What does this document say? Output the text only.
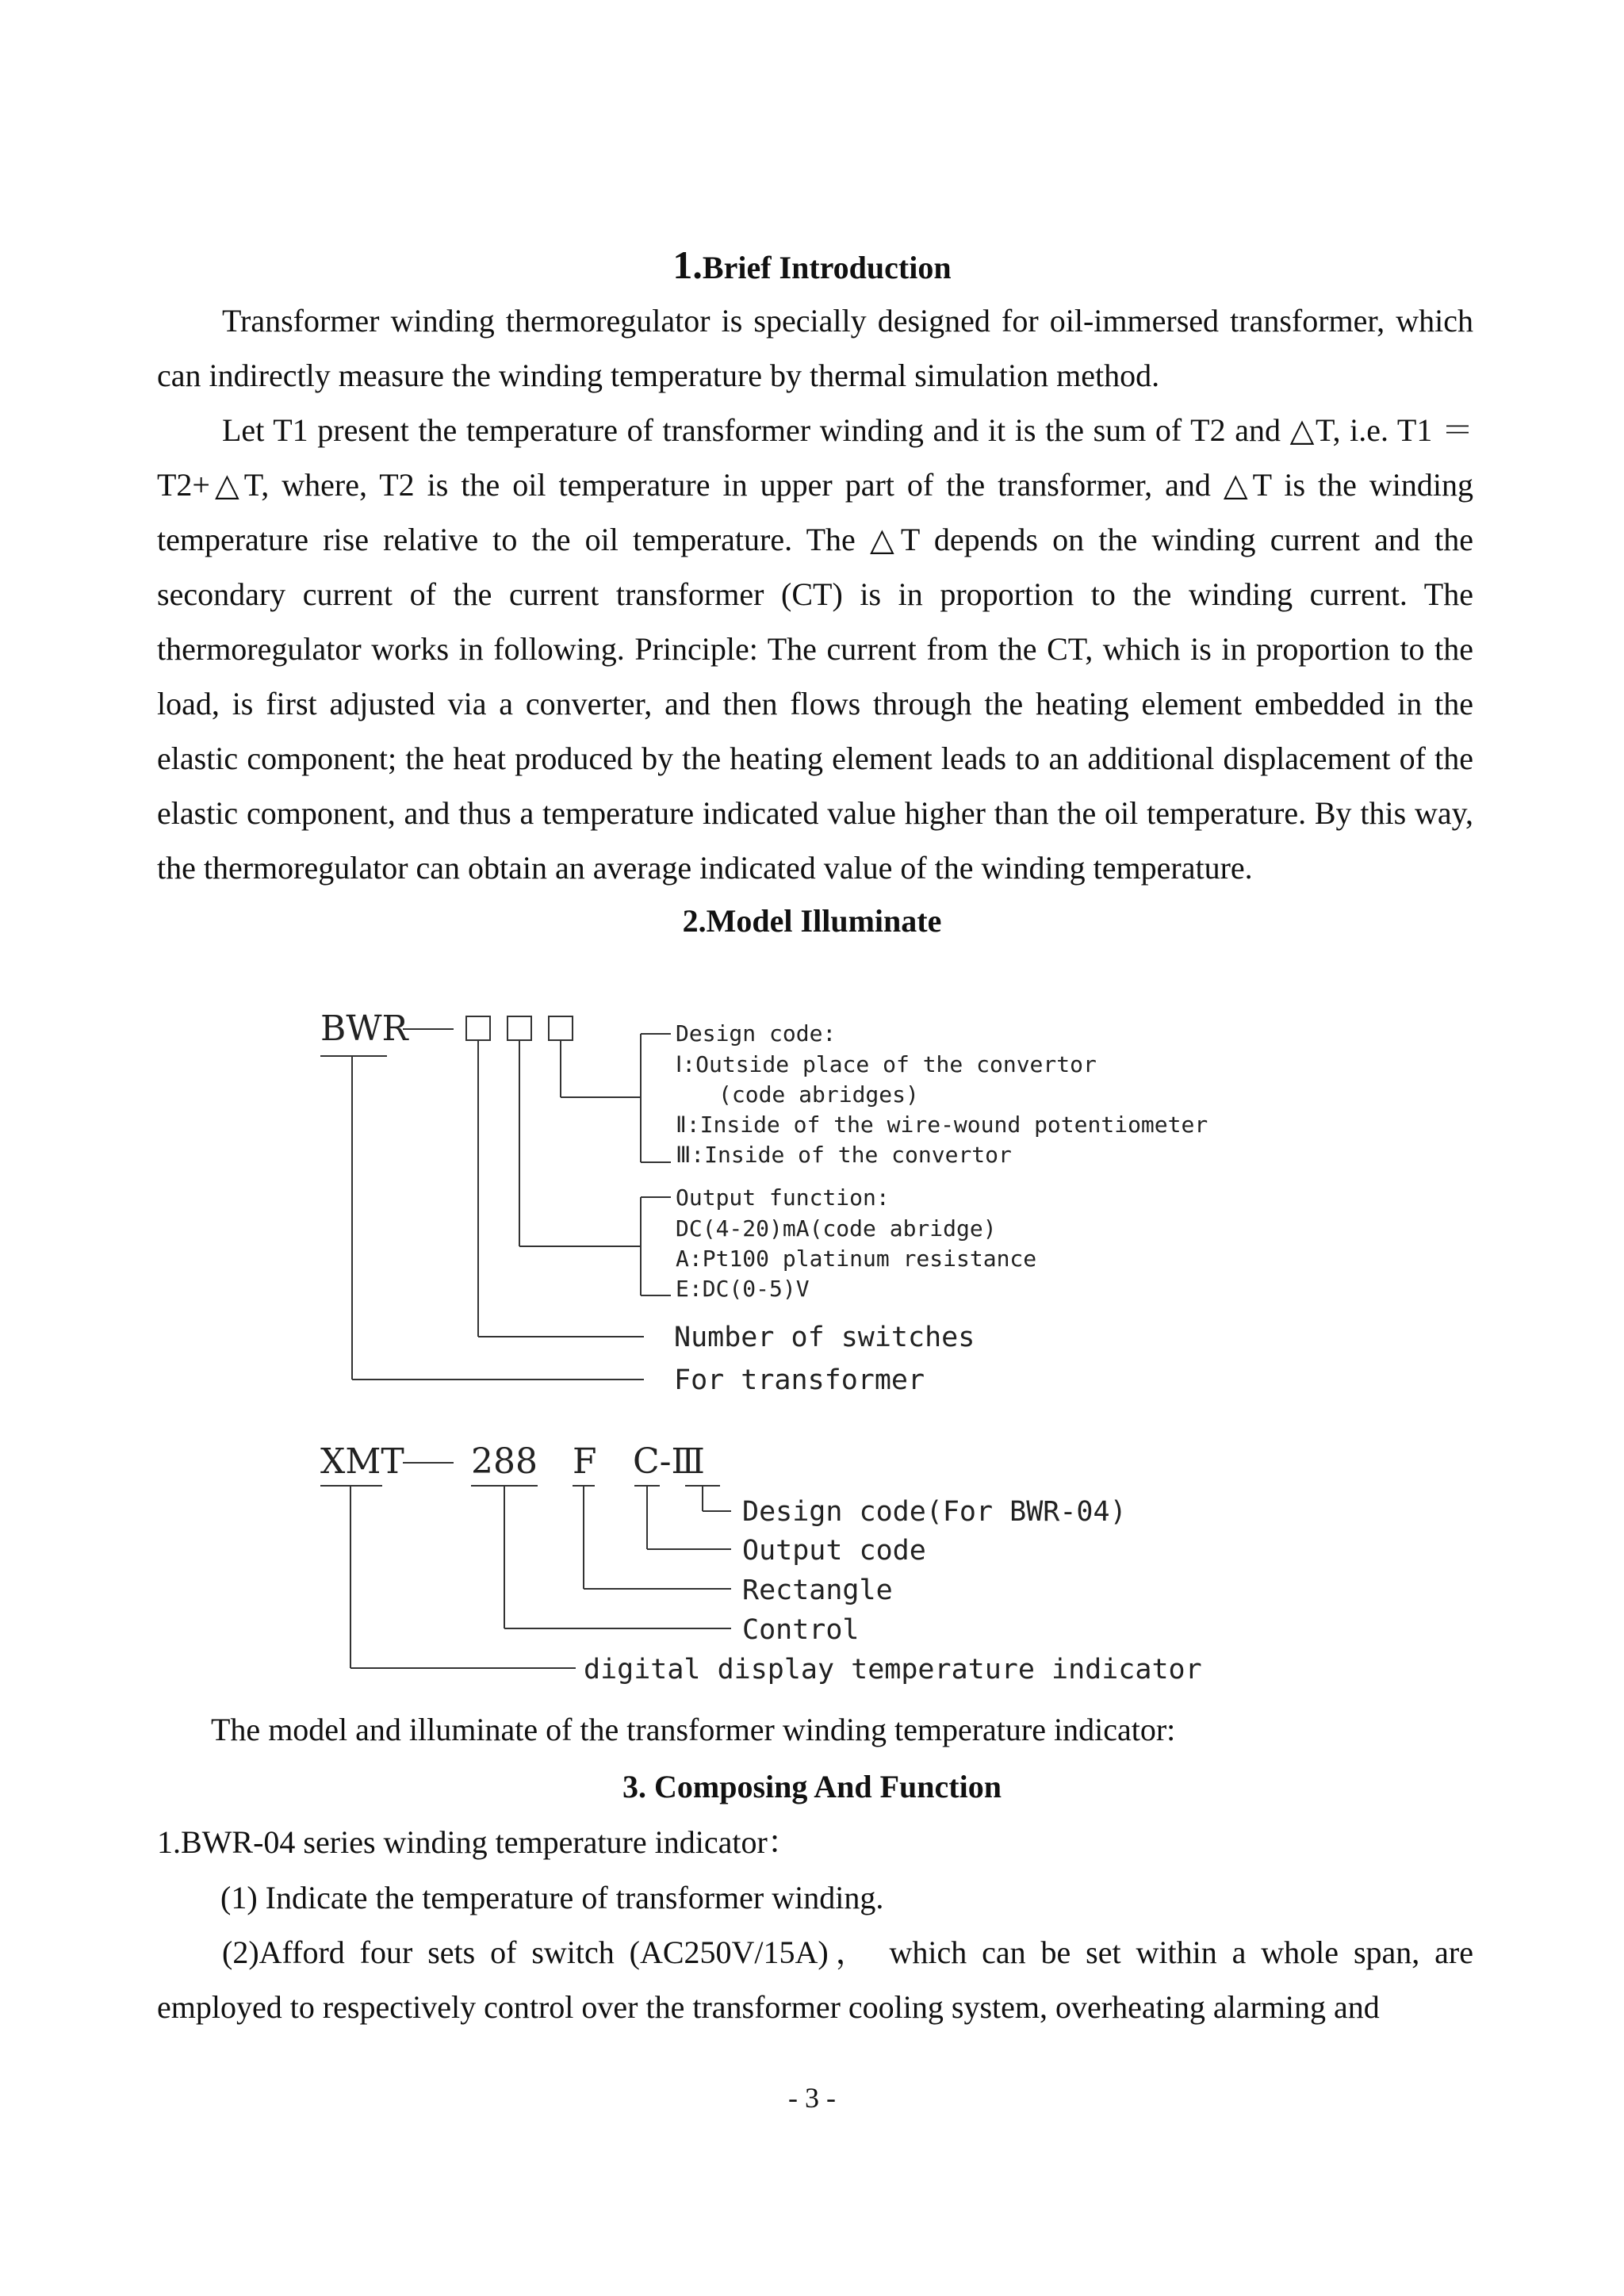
1.Brief Introduction

Transformer winding thermoregulator is specially designed for oil-immersed transformer, which can indirectly measure the winding temperature by thermal simulation method.

Let T1 present the temperature of transformer winding and it is the sum of T2 and △T, i.e. T1 ＝T2+△T, where, T2 is the oil temperature in upper part of the transformer, and △T is the winding temperature rise relative to the oil temperature. The △T depends on the winding current and the secondary current of the current transformer (CT) is in proportion to the winding current. The thermoregulator works in following. Principle: The current from the CT, which is in proportion to the load, is first adjusted via a converter, and then flows through the heating element embedded in the elastic component; the heat produced by the heating element leads to an additional displacement of the elastic component, and thus a temperature indicated value higher than the oil temperature. By this way, the thermoregulator can obtain an average indicated value of the winding temperature.

2.Model Illuminate
BWR	Design code:
Ⅰ:Outside place of the convertor
(code abridges)
Ⅱ:Inside of the wire-wound potentiometer
Ⅲ:Inside of the convertor
Output function:
DC(4-20)mA(code abridge)
A:Pt100 platinum resistance
E:DC(0-5)V
Number of switches
For transformer
XMT 288 F C-Ⅲ
Design code(For BWR-04)
Output code
Rectangle
Control
digital display temperature indicator
The model and illuminate of the transformer winding temperature indicator:
3. Composing And Function
1.BWR-04 series winding temperature indicator：
(1) Indicate the temperature of transformer winding.

(2)Afford four sets of switch (AC250V/15A)， which can be set within a whole span, are employed to respectively control over the transformer cooling system, overheating alarming and

- 3 -
